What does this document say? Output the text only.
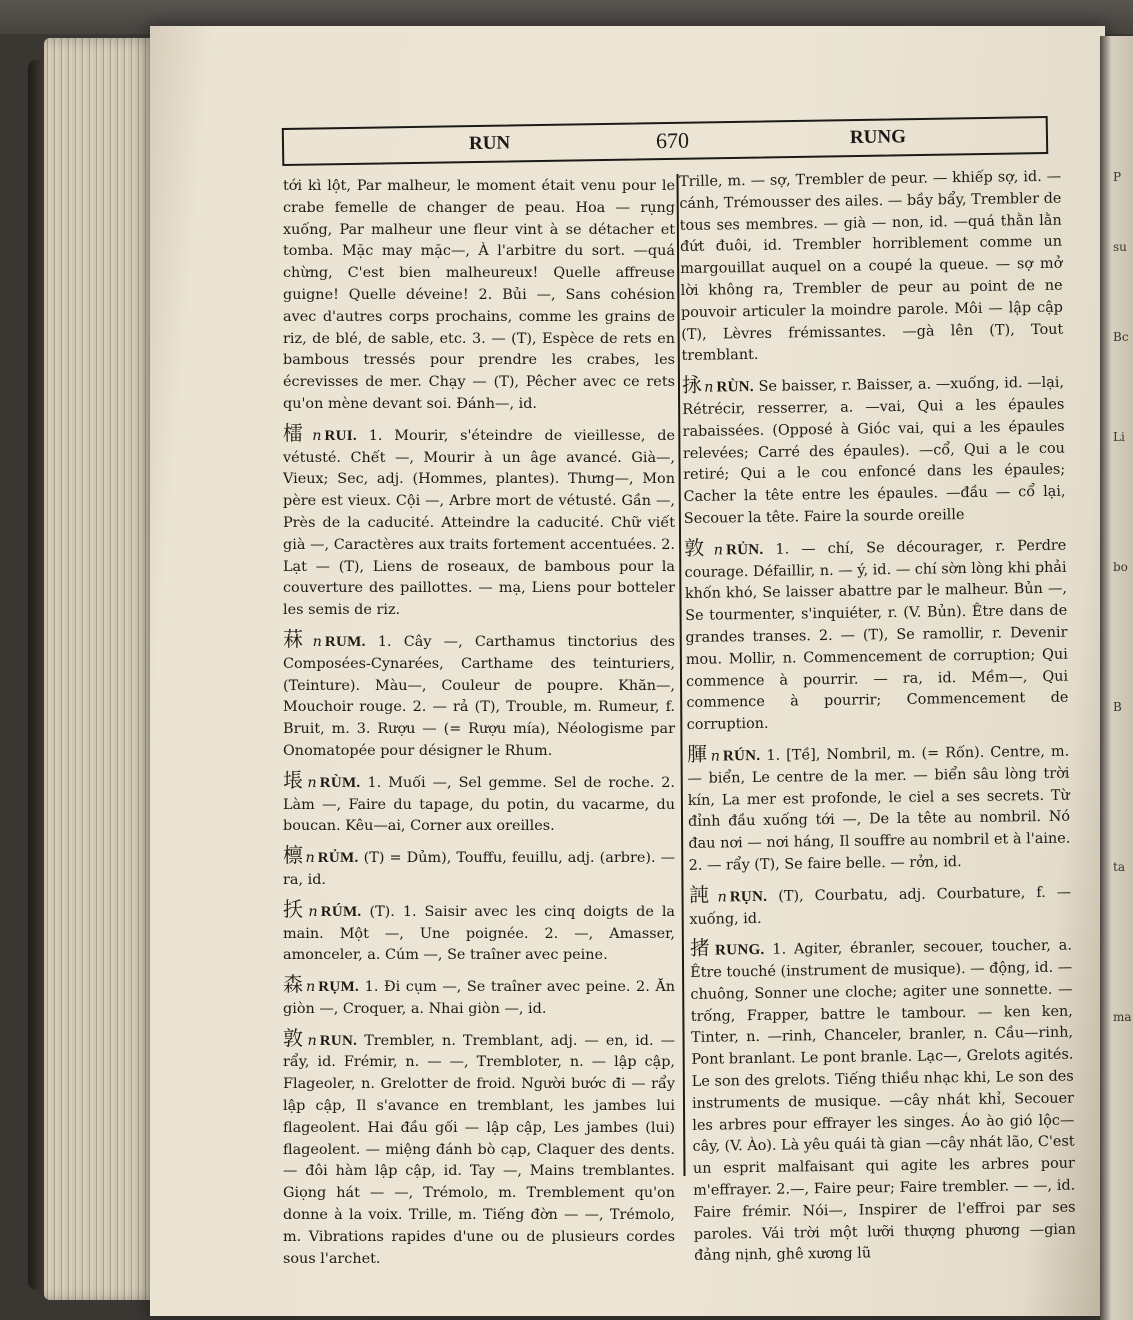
P
su
Bc
Li
bo
B
ta
ma
RUN	670	RUNG

tới kì lột, Par malheur, le moment était venu pour le crabe femelle de changer de peau. Hoa — rụng xuống, Par malheur une fleur vint à se détacher et tomba. Mặc may mặc—, À l'arbitre du sort. —quá chừng, C'est bien malheureux! Quelle affreuse guigne! Quelle déveine! 2. Bủi —, Sans cohésion avec d'autres corps prochains, comme les grains de riz, de blé, de sable, etc. 3. — (T), Espèce de rets en bambous tressés pour prendre les crabes, les écrevisses de mer. Chạy — (T), Pêcher avec ce rets qu'on mène devant soi. Đánh—, id.

檑 n RUI. 1. Mourir, s'éteindre de vieillesse, de vétusté. Chết —, Mourir à un âge avancé. Già—, Vieux; Sec, adj. (Hommes, plantes). Thưng—, Mon père est vieux. Cội —, Arbre mort de vétusté. Gần —, Près de la caducité. Atteindre la caducité. Chữ viết già —, Caractères aux traits fortement accentuées. 2. Lạt — (T), Liens de roseaux, de bambous pour la couverture des paillottes. — mạ, Liens pour botteler les semis de riz.

菻 n RUM. 1. Cây —, Carthamus tinctorius des Composées-Cynarées, Carthame des teinturiers, (Teinture). Màu—, Couleur de poupre. Khăn—, Mouchoir rouge. 2. — rả (T), Trouble, m. Rumeur, f. Bruit, m. 3. Rượu — (= Rượu mía), Néologisme par Onomatopée pour désigner le Rhum.

㙊 n RÙM. 1. Muối —, Sel gemme. Sel de roche. 2. Làm —, Faire du tapage, du potin, du vacarme, du boucan. Kêu—ai, Corner aux oreilles.

檩 n RỦM. (T) = Dủm), Touffu, feuillu, adj. (arbre). —ra, id.

扷 n RÚM. (T). 1. Saisir avec les cinq doigts de la main. Một —, Une poignée. 2. —, Amasser, amonceler, a. Cúm —, Se traîner avec peine.

森 n RỤM. 1. Đi cụm —, Se traîner avec peine. 2. Ăn giòn —, Croquer, a. Nhai giòn —, id.

敦 n RUN. Trembler, n. Tremblant, adj. — en, id. — rẩy, id. Frémir, n. — —, Trembloter, n. — lập cập, Flageoler, n. Grelotter de froid. Người bước đi — rẩy lập cập, Il s'avance en tremblant, les jambes lui flageolent. Hai đầu gối — lập cập, Les jambes (lui) flageolent. — miệng đánh bò cạp, Claquer des dents. — đôi hàm lập cập, id. Tay —, Mains tremblantes. Giọng hát — —, Trémolo, m. Tremblement qu'on donne à la voix. Trille, m. Tiếng đờn — —, Trémolo, m. Vibrations rapides d'une ou de plusieurs cordes sous l'archet.

Trille, m. — sợ, Trembler de peur. — khiếp sợ, id. — cánh, Trémousser des ailes. — bầy bẩy, Trembler de tous ses membres. — già — non, id. —quá thằn lằn đứt đuôi, id. Trembler horriblement comme un margouillat auquel on a coupé la queue. — sợ mở lời không ra, Trembler de peur au point de ne pouvoir articuler la moindre parole. Môi — lập cập (T), Lèvres frémissantes. —gà lên (T), Tout tremblant.

𢫕 n RÙN. Se baisser, r. Baisser, a. —xuống, id. —lại, Rétrécir, resserrer, a. —vai, Qui a les épaules rabaissées. (Opposé à Gióc vai, qui a les épaules relevées; Carré des épaules). —cổ, Qui a le cou retiré; Qui a le cou enfoncé dans les épaules; Cacher la tête entre les épaules. —đầu — cổ lại, Secouer la tête. Faire la sourde oreille

敦 n RỦN. 1. — chí, Se décourager, r. Perdre courage. Défaillir, n. — ý, id. — chí sờn lòng khi phải khốn khó, Se laisser abattre par le malheur. Bủn —, Se tourmenter, s'inquiéter, r. (V. Bủn). Être dans de grandes transes. 2. — (T), Se ramollir, r. Devenir mou. Mollir, n. Commencement de corruption; Qui commence à pourrir. — ra, id. Mềm—, Qui commence à pourrir; Commencement de corruption.

腪 n RÚN. 1. [Tề], Nombril, m. (= Rốn). Centre, m. — biển, Le centre de la mer. — biển sâu lòng trời kín, La mer est profonde, le ciel a ses secrets. Từ đỉnh đầu xuống tới —, De la tête au nombril. Nó đau nơi — nơi háng, Il souffre au nombril et à l'aine. 2. — rẩy (T), Se faire belle. — rởn, id.

訰 n RỤN. (T), Courbatu, adj. Courbature, f. — xuống, id.

㨋 RUNG. 1. Agiter, ébranler, secouer, toucher, a. Être touché (instrument de musique). — động, id. —chuông, Sonner une cloche; agiter une sonnette. —trống, Frapper, battre le tambour. — ken ken, Tinter, n. —rinh, Chanceler, branler, n. Cầu—rinh, Pont branlant. Le pont branle. Lạc—, Grelots agités. Le son des grelots. Tiếng thiều nhạc khi, Le son des instruments de musique. —cây nhát khỉ, Secouer les arbres pour effrayer les singes. Áo ào gió lộc—cây, (V. Ào). Là yêu quái tà gian —cây nhát lão, C'est un esprit malfaisant qui agite les arbres pour m'effrayer. 2.—, Faire peur; Faire trembler. — —, id. Faire frémir. Nói—, Inspirer de l'effroi par ses paroles. Vái trời một lưỡi thượng phương —gian đảng nịnh, ghê xương lũ
